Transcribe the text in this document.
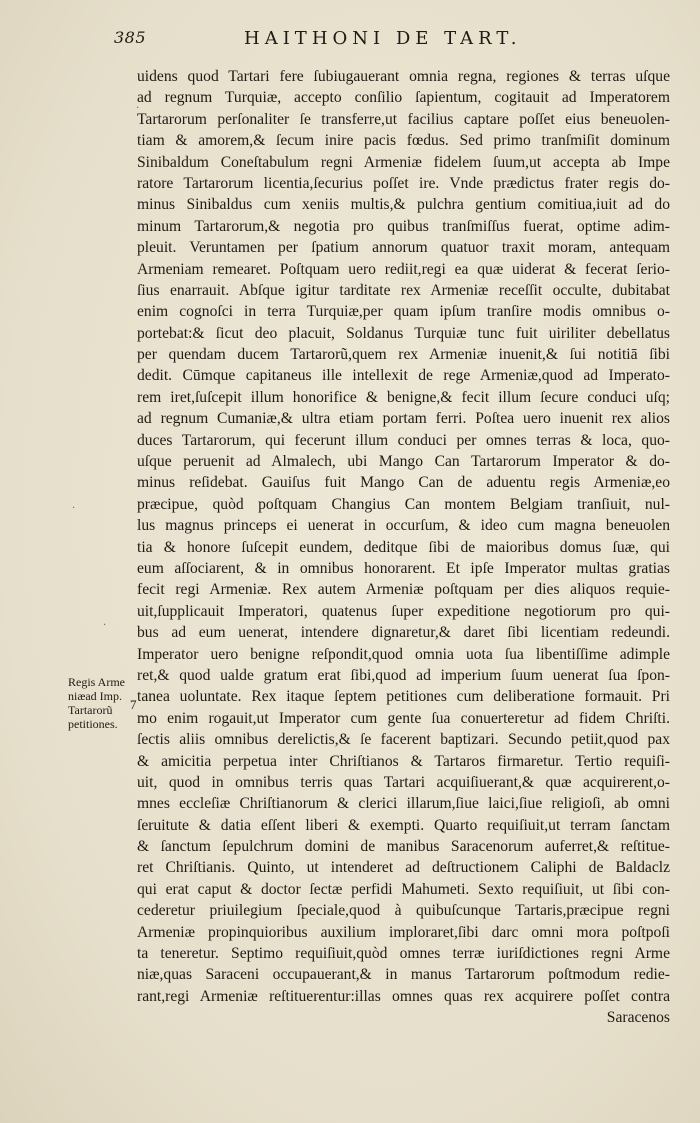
385	HAITHONI DE TART.
uidens quod Tartari fere ſubiugauerant omnia regna, regiones & terras uſque
ad regnum Turquiæ, accepto conſilio ſapientum, cogitauit ad Imperatorem
Tartarorum perſonaliter ſe transferre,ut facilius captare poſſet eius beneuolen-
tiam & amorem,& ſecum inire pacis fœdus. Sed primo tranſmiſit dominum
Sinibaldum Coneſtabulum regni Armeniæ fidelem ſuum,ut accepta ab Impe
ratore Tartarorum licentia,ſecurius poſſet ire. Vnde prædictus frater regis do-
minus Sinibaldus cum xeniis multis,& pulchra gentium comitiua,iuit ad do
minum Tartarorum,& negotia pro quibus tranſmiſſus fuerat, optime adim-
pleuit. Veruntamen per ſpatium annorum quatuor traxit moram, antequam
Armeniam remearet. Poſtquam uero rediit,regi ea quæ uiderat & fecerat ſerio-
ſius enarrauit. Abſque igitur tarditate rex Armeniæ receſſit occulte, dubitabat
enim cognoſci in terra Turquiæ,per quam ipſum tranſire modis omnibus o-
portebat:& ſicut deo placuit, Soldanus Turquiæ tunc fuit uiriliter debellatus
per quendam ducem Tartarorũ,quem rex Armeniæ inuenit,& ſui notitiā ſibi
dedit. Cūmque capitaneus ille intellexit de rege Armeniæ,quod ad Imperato-
rem iret,ſuſcepit illum honorifice & benigne,& fecit illum ſecure conduci uſq;
ad regnum Cumaniæ,& ultra etiam portam ferri. Poſtea uero inuenit rex alios
duces Tartarorum, qui fecerunt illum conduci per omnes terras & loca, quo-
uſque peruenit ad Almalech, ubi Mango Can Tartarorum Imperator & do-
minus reſidebat. Gauiſus fuit Mango Can de aduentu regis Armeniæ,eo
præcipue, quòd poſtquam Changius Can montem Belgiam tranſiuit, nul-
lus magnus princeps ei uenerat in occurſum, & ideo cum magna beneuolen
tia & honore ſuſcepit eundem, deditque ſibi de maioribus domus ſuæ, qui
eum aſſociarent, & in omnibus honorarent. Et ipſe Imperator multas gratias
fecit regi Armeniæ. Rex autem Armeniæ poſtquam per dies aliquos requie-
uit,ſupplicauit Imperatori, quatenus ſuper expeditione negotiorum pro qui-
bus ad eum uenerat, intendere dignaretur,& daret ſibi licentiam redeundi.
Imperator uero benigne reſpondit,quod omnia uota ſua libentiſſime adimple
ret,& quod ualde gratum erat ſibi,quod ad imperium ſuum uenerat ſua ſpon-
tanea uoluntate. Rex itaque ſeptem petitiones cum deliberatione formauit. Pri
mo enim rogauit,ut Imperator cum gente ſua conuerteretur ad fidem Chriſti.
ſectis aliis omnibus derelictis,& ſe facerent baptizari. Secundo petiit,quod pax
& amicitia perpetua inter Chriſtianos & Tartaros firmaretur. Tertio requiſi-
uit, quod in omnibus terris quas Tartari acquiſiuerant,& quæ acquirerent,o-
mnes eccleſiæ Chriſtianorum & clerici illarum,ſiue laici,ſiue religioſi, ab omni
ſeruitute & datia eſſent liberi & exempti. Quarto requiſiuit,ut terram ſanctam
& ſanctum ſepulchrum domini de manibus Saracenorum auferret,& reſtitue-
ret Chriſtianis. Quinto, ut intenderet ad deſtructionem Caliphi de Baldaclz
qui erat caput & doctor ſectæ perfidi Mahumeti. Sexto requiſiuit, ut ſibi con-
cederetur priuilegium ſpeciale,quod à quibuſcunque Tartaris,præcipue regni
Armeniæ propinquioribus auxilium imploraret,ſibi darc omni mora poſtpoſi
ta teneretur. Septimo requiſiuit,quòd omnes terræ iuriſdictiones regni Arme
niæ,quas Saraceni occupauerant,& in manus Tartarorum poſtmodum redie-
rant,regi Armeniæ reſtituerentur:illas omnes quas rex acquirere poſſet contra
Saracenos
Regis Arme
niæad Imp.
Tartarorũ
petitiones.
7
·
·
·
